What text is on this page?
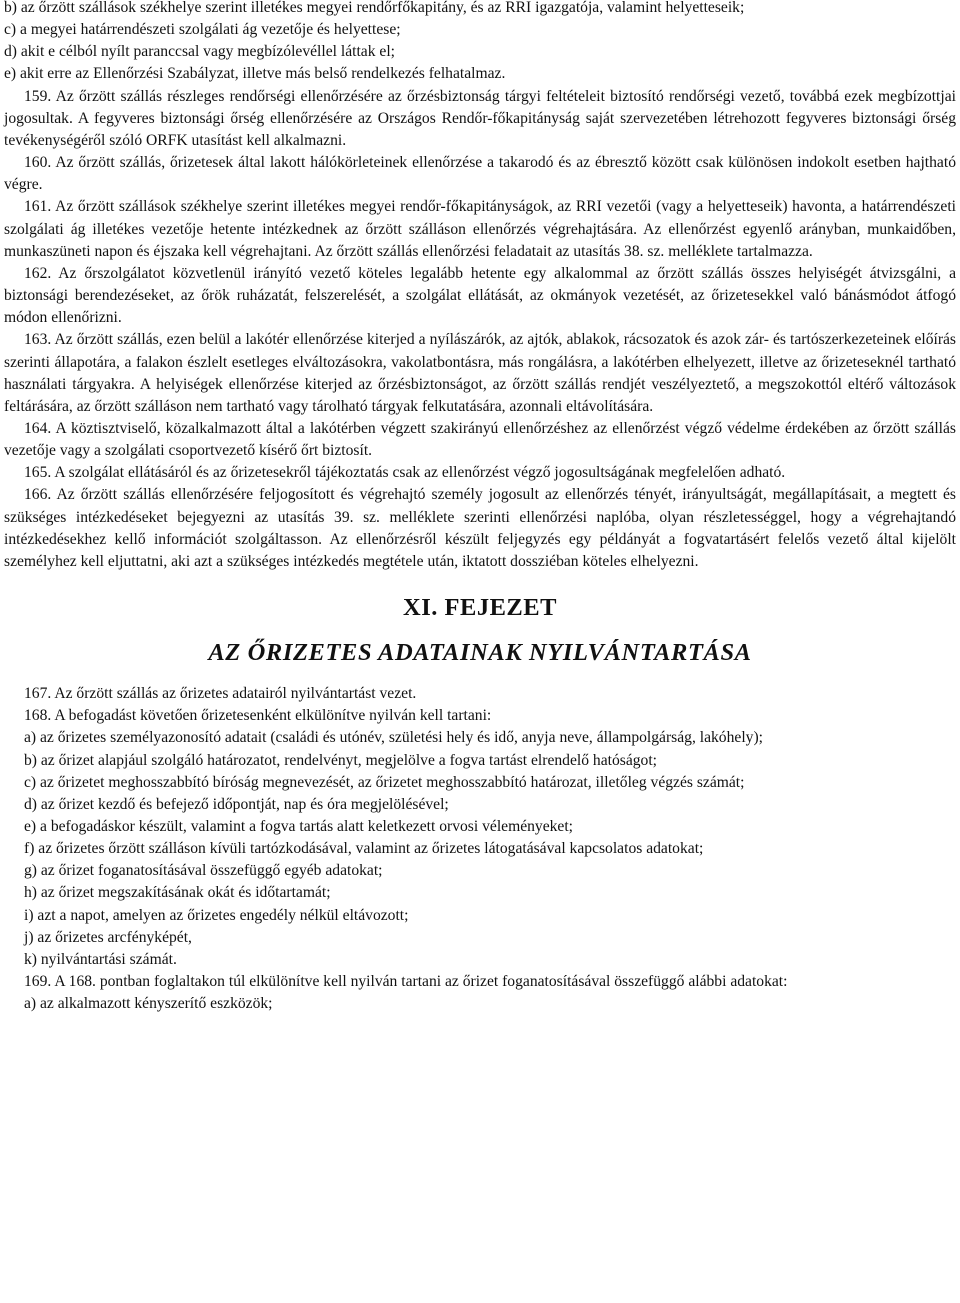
b) az őrzött szállások székhelye szerint illetékes megyei rendőrfőkapitány, és az RRI igazgatója, valamint helyetteseik;

c) a megyei határrendészeti szolgálati ág vezetője és helyettese;

d) akit e célból nyílt paranccsal vagy megbízólevéllel láttak el;

e) akit erre az Ellenőrzési Szabályzat, illetve más belső rendelkezés felhatalmaz.

159. Az őrzött szállás részleges rendőrségi ellenőrzésére az őrzésbiztonság tárgyi feltételeit biztosító rendőrségi vezető, továbbá ezek megbízottjai jogosultak. A fegyveres biztonsági őrség ellenőrzésére az Országos Rendőr-főkapitányság saját szervezetében létrehozott fegyveres biztonsági őrség tevékenységéről szóló ORFK utasítást kell alkalmazni.

160. Az őrzött szállás, őrizetesek által lakott hálókörleteinek ellenőrzése a takarodó és az ébresztő között csak különösen indokolt esetben hajtható végre.

161. Az őrzött szállások székhelye szerint illetékes megyei rendőr-főkapitányságok, az RRI vezetői (vagy a helyetteseik) havonta, a határrendészeti szolgálati ág illetékes vezetője hetente intézkednek az őrzött szálláson ellenőrzés végrehajtására. Az ellenőrzést egyenlő arányban, munkaidőben, munkaszüneti napon és éjszaka kell végrehajtani. Az őrzött szállás ellenőrzési feladatait az utasítás 38. sz. melléklete tartalmazza.

162. Az őrszolgálatot közvetlenül irányító vezető köteles legalább hetente egy alkalommal az őrzött szállás összes helyiségét átvizsgálni, a biztonsági berendezéseket, az őrök ruházatát, felszerelését, a szolgálat ellátását, az okmányok vezetését, az őrizetesekkel való bánásmódot átfogó módon ellenőrizni.

163. Az őrzött szállás, ezen belül a lakótér ellenőrzése kiterjed a nyílászárók, az ajtók, ablakok, rácsozatok és azok zár- és tartószerkezeteinek előírás szerinti állapotára, a falakon észlelt esetleges elváltozásokra, vakolatbontásra, más rongálásra, a lakótérben elhelyezett, illetve az őrizeteseknél tartható használati tárgyakra. A helyiségek ellenőrzése kiterjed az őrzésbiztonságot, az őrzött szállás rendjét veszélyeztető, a megszokottól eltérő változások feltárására, az őrzött szálláson nem tartható vagy tárolható tárgyak felkutatására, azonnali eltávolítására.

164. A köztisztviselő, közalkalmazott által a lakótérben végzett szakirányú ellenőrzéshez az ellenőrzést végző védelme érdekében az őrzött szállás vezetője vagy a szolgálati csoportvezető kísérő őrt biztosít.

165. A szolgálat ellátásáról és az őrizetesekről tájékoztatás csak az ellenőrzést végző jogosultságának megfelelően adható.

166. Az őrzött szállás ellenőrzésére feljogosított és végrehajtó személy jogosult az ellenőrzés tényét, irányultságát, megállapításait, a megtett és szükséges intézkedéseket bejegyezni az utasítás 39. sz. melléklete szerinti ellenőrzési naplóba, olyan részletességgel, hogy a végrehajtandó intézkedésekhez kellő információt szolgáltasson. Az ellenőrzésről készült feljegyzés egy példányát a fogvatartásért felelős vezető által kijelölt személyhez kell eljuttatni, aki azt a szükséges intézkedés megtétele után, iktatott dossziéban köteles elhelyezni.

XI. FEJEZET
AZ ŐRIZETES ADATAINAK NYILVÁNTARTÁSA

167. Az őrzött szállás az őrizetes adatairól nyilvántartást vezet.

168. A befogadást követően őrizetesenként elkülönítve nyilván kell tartani:

a) az őrizetes személyazonosító adatait (családi és utónév, születési hely és idő, anyja neve, állampolgárság, lakóhely);

b) az őrizet alapjául szolgáló határozatot, rendelvényt, megjelölve a fogva tartást elrendelő hatóságot;

c) az őrizetet meghosszabbító bíróság megnevezését, az őrizetet meghosszabbító határozat, illetőleg végzés számát;

d) az őrizet kezdő és befejező időpontját, nap és óra megjelölésével;

e) a befogadáskor készült, valamint a fogva tartás alatt keletkezett orvosi véleményeket;

f) az őrizetes őrzött szálláson kívüli tartózkodásával, valamint az őrizetes látogatásával kapcsolatos adatokat;

g) az őrizet foganatosításával összefüggő egyéb adatokat;

h) az őrizet megszakításának okát és időtartamát;

i) azt a napot, amelyen az őrizetes engedély nélkül eltávozott;

j) az őrizetes arcfényképét,

k) nyilvántartási számát.

169. A 168. pontban foglaltakon túl elkülönítve kell nyilván tartani az őrizet foganatosításával összefüggő alábbi adatokat:

a) az alkalmazott kényszerítő eszközök;
